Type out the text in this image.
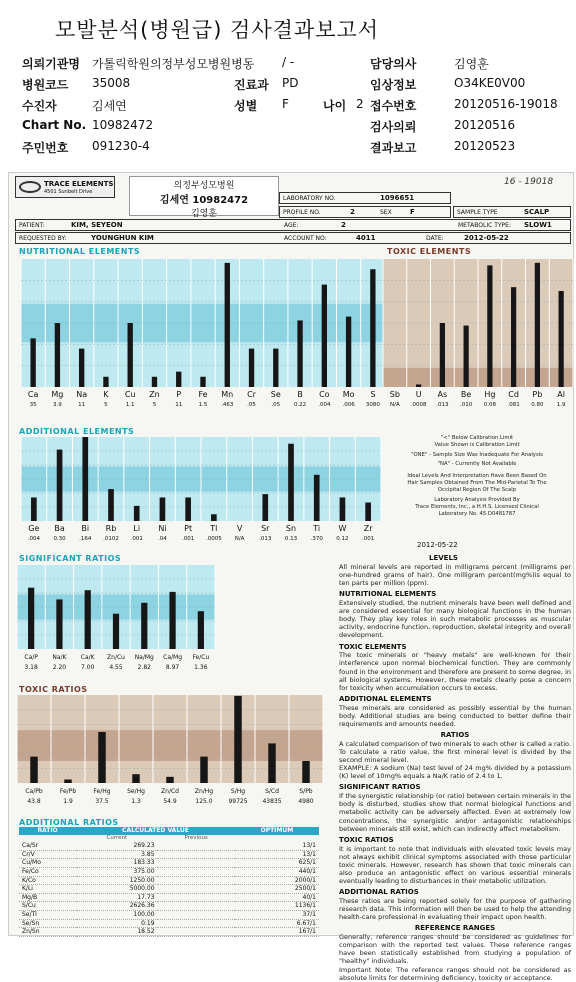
모발분석(병원급) 검사결과보고서
의뢰기관명 가톨릭학원의정부성모병원병동 / -	담당의사	김영훈
병원코드 35008	진료과 PD	임상정보	O34KE0V00
수진자	김세연	성별 F	나이 2 접수번호	20120516-19018
Chart No. 10982472	검사의뢰	20120516
주민번호 091230-4	결과보고	20120523
TRACE ELEMENTS
4501 Sunbelt Drive
의정부성모병원
김세연 10982472
김영훈
16 - 19018
LABORATORY NO.	1096651
PROFILE NO.	2	SEX	F	SAMPLE TYPE	SCALP
PATIENT:	KIM, SEYEON	AGE:	2	METABOLIC TYPE: SLOW1
REQUESTED BY:	YOUNGHUN KIM	ACCOUNT NO:	4011	DATE:	2012-05-22
NUTRITIONAL ELEMENTS	TOXIC ELEMENTS
ADDITIONAL ELEMENTS
SIGNIFICANT RATIOS
TOXIC RATIOS
ADDITIONAL RATIOS
Ca
35
Mg
3.9
Na
11
K
5
Cu
1.1
Zn
5
P
11
Fe
1.5
Mn
.463
Cr
.05
Se
.05
B
0.22
Co
.004
Mo
.006
S
3080
Sb
N/A
U
.0008
As
.013
Be
.010
Hg
0.08
Cd
.081
Pb
0.80
Al
1.9
Ge
.004
Ba
0.30
Bi
.164
Rb
.0102
Li
.001
Ni
.04
Pt
.001
Tl
.0005
V
N/A
Sr
.013
Sn
0.13
Ti
.370
W
0.12
Zr
.001
Ca/P
3.18
Na/K
2.20
Ca/K
7.00
Zn/Cu
4.55
Na/Mg
2.82
Ca/Mg
8.97
Fe/Cu
1.36
Ca/Pb
43.8
Fe/Pb
1.9
Fe/Hg
37.5
Se/Hg
1.3
Zn/Cd
54.9
Zn/Hg
125.0
S/Hg
99725
S/Cd
43835
S/Pb
4980
"<" Below Calibration Limit
Value Shown is Calibration Limit
"ONE" - Sample Size Was Inadequate For Analysis
"NA" - Currently Not Available
Ideal Levels And Interpretation Have Been Based On
Hair Samples Obtained From The Mid-Parietal To The
Occipital Region Of The Scalp
Laboratory Analysis Provided By
Trace Elements, Inc., a H.H.S. Licensed Clinical
Laboratory No. 45 D0481787
2012-05-22
LEVELS

All mineral levels are reported in milligrams percent (milligrams per one-hundred grams of hair). One milligram percent(mg%)is equal to ten parts per million (ppm).

NUTRITIONAL ELEMENTS

Extensively studied, the nutrient minerals have been well defined and are considered essential for many biological functions in the human body. They play key roles in such metabolic processes as muscular activity, endocrine function, reproduction, skeletal integrity and overall development.

TOXIC ELEMENTS

The toxic minerals or "heavy metals" are well-known for their interference upon normal biochemical function. They are commonly found in the environment and therefore are present to some degree, in all biological systems. However, these metals clearly pose a concern for toxicity when accumulation occurs to excess.

ADDITIONAL ELEMENTS

These minerals are considered as possibly essential by the human body. Additional studies are being conducted to better define their requirements and amounts needed.

RATIOS

A calculated comparison of two minerals to each other is called a ratio. To calculate a ratio value, the first mineral level is divided by the second mineral level.

EXAMPLE: A sodium (Na) test level of 24 mg% divided by a potassium (K) level of 10mg% equals a Na/K ratio of 2.4 to 1.

SIGNIFICANT RATIOS

If the synergistic relationship (or ratio) between certain minerals in the body is disturbed, studies show that normal biological functions and metabolic activity can be adversely affected. Even at extremely low concentrations, the synergistic and/or antagonistic relationships between minerals still exist, which can indirectly affect metabolism.

TOXIC RATIOS

It is important to note that individuals with elevated toxic levels may not always exhibit clinical symptoms associated with those particular toxic minerals. However, research has shown that toxic minerals can also produce an antagonistic effect on various essential minerals eventually leading to disturbances in their metabolic utilization.

ADDITIONAL RATIOS

These ratios are being reported solely for the purpose of gathering research data. This information will then be used to help the attending health-care professional in evaluating their impact upon health.

REFERENCE RANGES

Generally, reference ranges should be considered as guidelines for comparison with the reported test values. These reference ranges have been statistically established from studying a population of "healthy" individuals.

Important Note: The reference ranges should not be considered as absolute limits for determining deficiency, toxicity or acceptance.

RATIO	CALCULATED VALUE		OPTIMUM
	Current	Previous	
Ca/Sr	269.23		13/1
Cr/V	3.85		13/1
Cu/Mo	183.33		625/1
Fe/Co	375.00		440/1
K/Co	1250.00		2000/1
K/Li	5000.00		2500/1
Mg/B	17.73		40/1
S/Cu	2626.36		1136/1
Se/Tl	100.00		37/1
Se/Sn	0.19		6.67/1
Zn/Sn	18.52		167/1
